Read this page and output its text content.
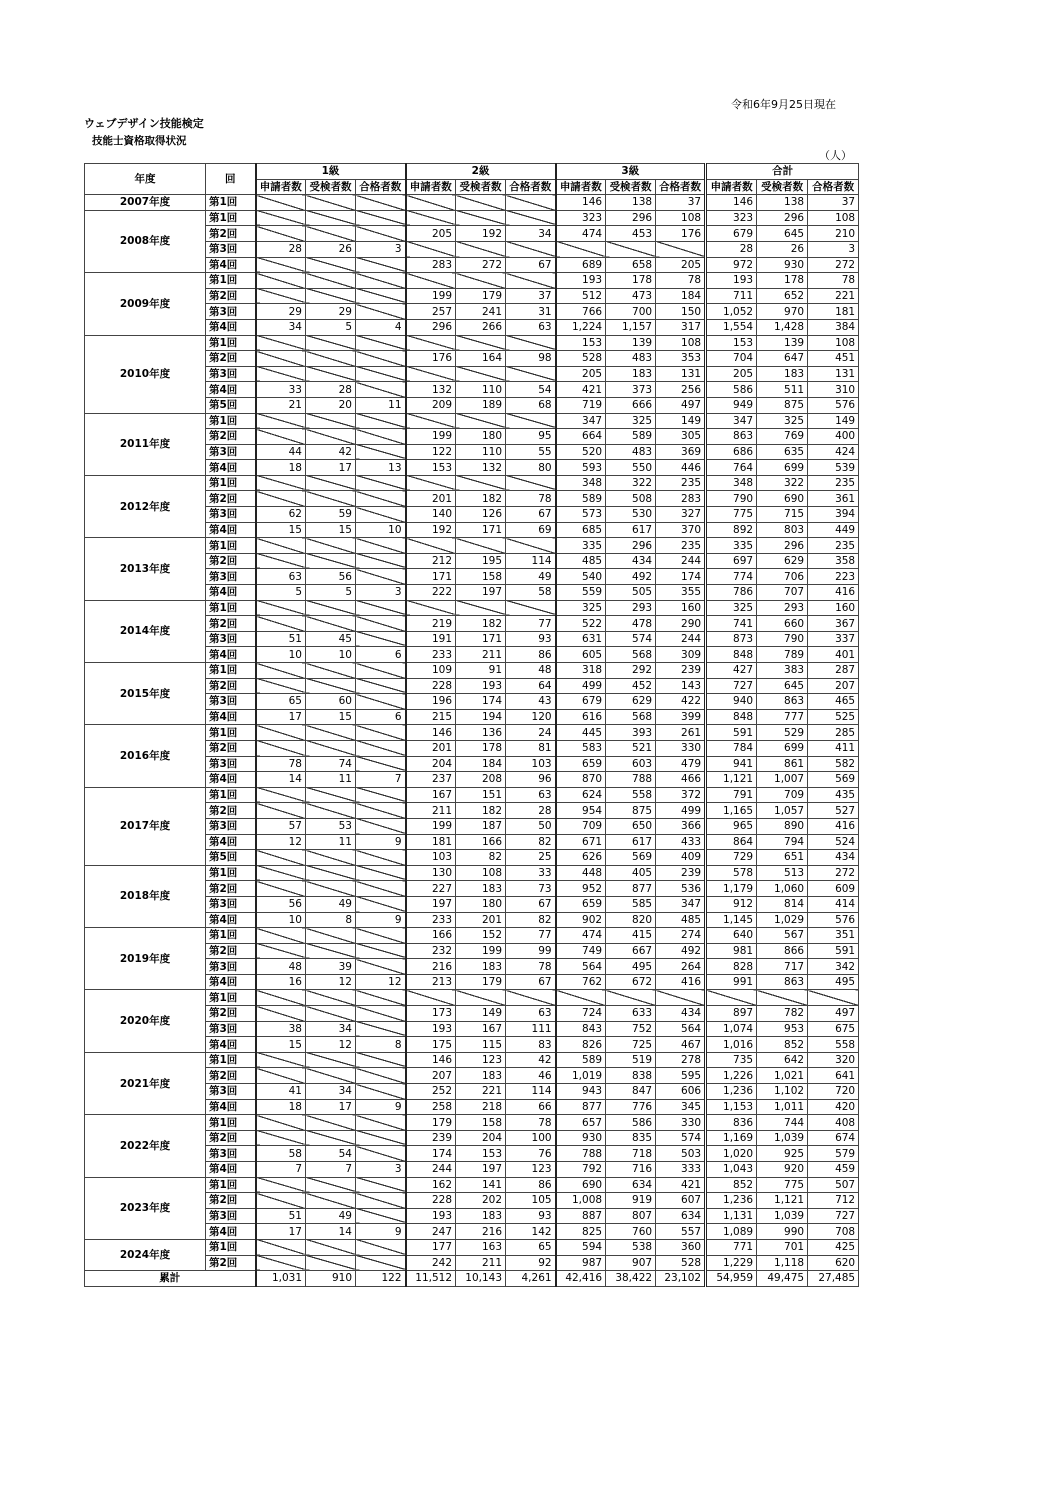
令和6年9月25日現在
ウェブデザイン技能検定
技能士資格取得状況
（人）
年度	回	1級			2級			3級			合計		
		申請者数	受検者数	合格者数	申請者数	受検者数	合格者数	申請者数	受検者数	合格者数	申請者数	受検者数	合格者数
2007年度	第1回							146	138	37	146	138	37
2008年度	第1回							323	296	108	323	296	108
	第2回				205	192	34	474	453	176	679	645	210
	第3回	28	26	3							28	26	3
	第4回				283	272	67	689	658	205	972	930	272
2009年度	第1回							193	178	78	193	178	78
	第2回				199	179	37	512	473	184	711	652	221
	第3回	29	29		257	241	31	766	700	150	1,052	970	181
	第4回	34	5	4	296	266	63	1,224	1,157	317	1,554	1,428	384
2010年度	第1回							153	139	108	153	139	108
	第2回				176	164	98	528	483	353	704	647	451
	第3回							205	183	131	205	183	131
	第4回	33	28		132	110	54	421	373	256	586	511	310
	第5回	21	20	11	209	189	68	719	666	497	949	875	576
2011年度	第1回							347	325	149	347	325	149
	第2回				199	180	95	664	589	305	863	769	400
	第3回	44	42		122	110	55	520	483	369	686	635	424
	第4回	18	17	13	153	132	80	593	550	446	764	699	539
2012年度	第1回							348	322	235	348	322	235
	第2回				201	182	78	589	508	283	790	690	361
	第3回	62	59		140	126	67	573	530	327	775	715	394
	第4回	15	15	10	192	171	69	685	617	370	892	803	449
2013年度	第1回							335	296	235	335	296	235
	第2回				212	195	114	485	434	244	697	629	358
	第3回	63	56		171	158	49	540	492	174	774	706	223
	第4回	5	5	3	222	197	58	559	505	355	786	707	416
2014年度	第1回							325	293	160	325	293	160
	第2回				219	182	77	522	478	290	741	660	367
	第3回	51	45		191	171	93	631	574	244	873	790	337
	第4回	10	10	6	233	211	86	605	568	309	848	789	401
2015年度	第1回				109	91	48	318	292	239	427	383	287
	第2回				228	193	64	499	452	143	727	645	207
	第3回	65	60		196	174	43	679	629	422	940	863	465
	第4回	17	15	6	215	194	120	616	568	399	848	777	525
2016年度	第1回				146	136	24	445	393	261	591	529	285
	第2回				201	178	81	583	521	330	784	699	411
	第3回	78	74		204	184	103	659	603	479	941	861	582
	第4回	14	11	7	237	208	96	870	788	466	1,121	1,007	569
2017年度	第1回				167	151	63	624	558	372	791	709	435
	第2回				211	182	28	954	875	499	1,165	1,057	527
	第3回	57	53		199	187	50	709	650	366	965	890	416
	第4回	12	11	9	181	166	82	671	617	433	864	794	524
	第5回				103	82	25	626	569	409	729	651	434
2018年度	第1回				130	108	33	448	405	239	578	513	272
	第2回				227	183	73	952	877	536	1,179	1,060	609
	第3回	56	49		197	180	67	659	585	347	912	814	414
	第4回	10	8	9	233	201	82	902	820	485	1,145	1,029	576
2019年度	第1回				166	152	77	474	415	274	640	567	351
	第2回				232	199	99	749	667	492	981	866	591
	第3回	48	39		216	183	78	564	495	264	828	717	342
	第4回	16	12	12	213	179	67	762	672	416	991	863	495
2020年度	第1回												
	第2回				173	149	63	724	633	434	897	782	497
	第3回	38	34		193	167	111	843	752	564	1,074	953	675
	第4回	15	12	8	175	115	83	826	725	467	1,016	852	558
2021年度	第1回				146	123	42	589	519	278	735	642	320
	第2回				207	183	46	1,019	838	595	1,226	1,021	641
	第3回	41	34		252	221	114	943	847	606	1,236	1,102	720
	第4回	18	17	9	258	218	66	877	776	345	1,153	1,011	420
2022年度	第1回				179	158	78	657	586	330	836	744	408
	第2回				239	204	100	930	835	574	1,169	1,039	674
	第3回	58	54		174	153	76	788	718	503	1,020	925	579
	第4回	7	7	3	244	197	123	792	716	333	1,043	920	459
2023年度	第1回				162	141	86	690	634	421	852	775	507
	第2回				228	202	105	1,008	919	607	1,236	1,121	712
	第3回	51	49		193	183	93	887	807	634	1,131	1,039	727
	第4回	17	14	9	247	216	142	825	760	557	1,089	990	708
2024年度	第1回				177	163	65	594	538	360	771	701	425
	第2回				242	211	92	987	907	528	1,229	1,118	620
累計		1,031	910	122	11,512	10,143	4,261	42,416	38,422	23,102	54,959	49,475	27,485
